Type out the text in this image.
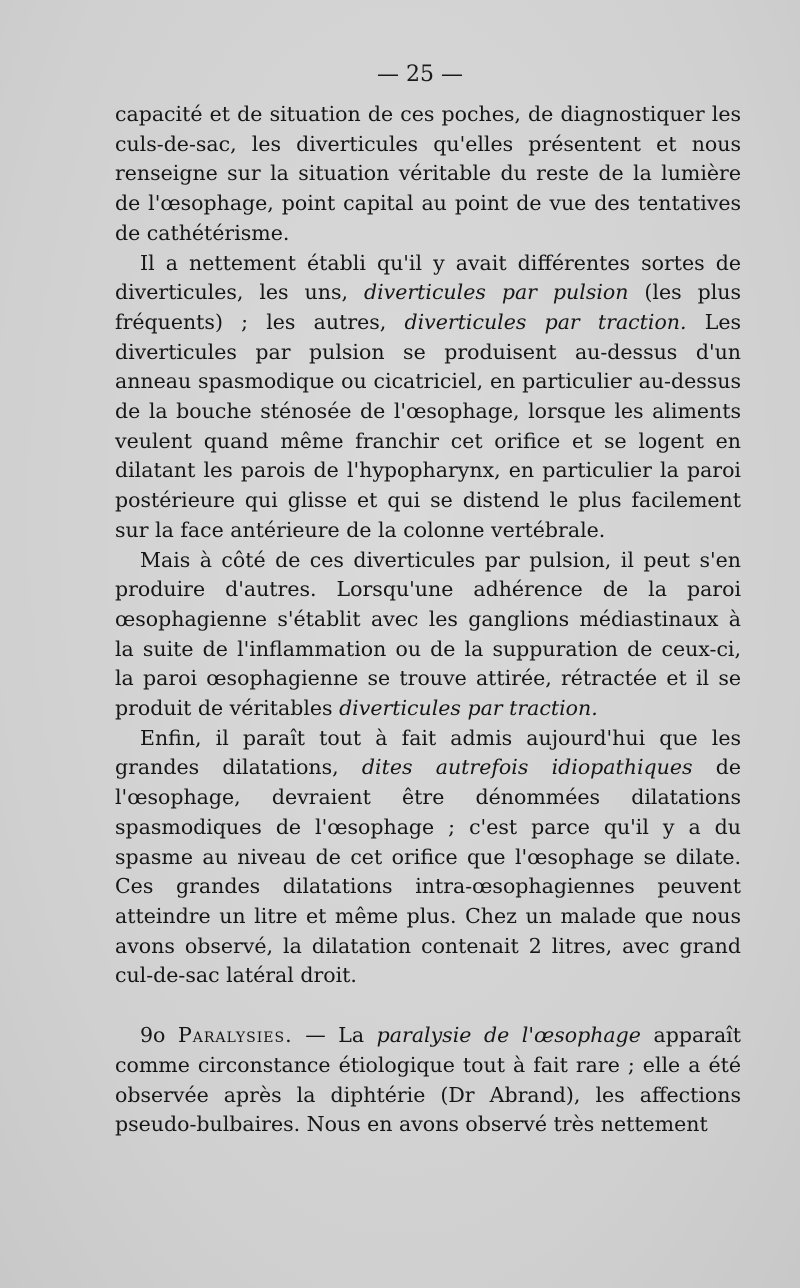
— 25 —

capacité et de situation de ces poches, de diagnostiquer les culs-de-sac, les diverticules qu'elles présentent et nous renseigne sur la situation véritable du reste de la lumière de l'œsophage, point capital au point de vue des tentatives de cathétérisme.

Il a nettement établi qu'il y avait différentes sortes de diverticules, les uns, diverticules par pulsion (les plus fréquents) ; les autres, diverticules par traction. Les diverticules par pulsion se produisent au-dessus d'un anneau spasmodique ou cicatriciel, en particulier au-dessus de la bouche sténosée de l'œsophage, lorsque les aliments veulent quand même franchir cet orifice et se logent en dilatant les parois de l'hypopharynx, en particulier la paroi postérieure qui glisse et qui se distend le plus facilement sur la face antérieure de la colonne vertébrale.

Mais à côté de ces diverticules par pulsion, il peut s'en produire d'autres. Lorsqu'une adhérence de la paroi œsophagienne s'établit avec les ganglions médiastinaux à la suite de l'inflammation ou de la suppuration de ceux-ci, la paroi œsophagienne se trouve attirée, rétractée et il se produit de véritables diverticules par traction.

Enfin, il paraît tout à fait admis aujourd'hui que les grandes dilatations, dites autrefois idiopathiques de l'œsophage, devraient être dénommées dilatations spasmodiques de l'œsophage ; c'est parce qu'il y a du spasme au niveau de cet orifice que l'œsophage se dilate. Ces grandes dilatations intra-œsophagiennes peuvent atteindre un litre et même plus. Chez un malade que nous avons observé, la dilatation contenait 2 litres, avec grand cul-de-sac latéral droit.

9o Paralysies. — La paralysie de l'œsophage apparaît comme circonstance étiologique tout à fait rare ; elle a été observée après la diphtérie (Dr Abrand), les affections pseudo-bulbaires. Nous en avons observé très nettement
